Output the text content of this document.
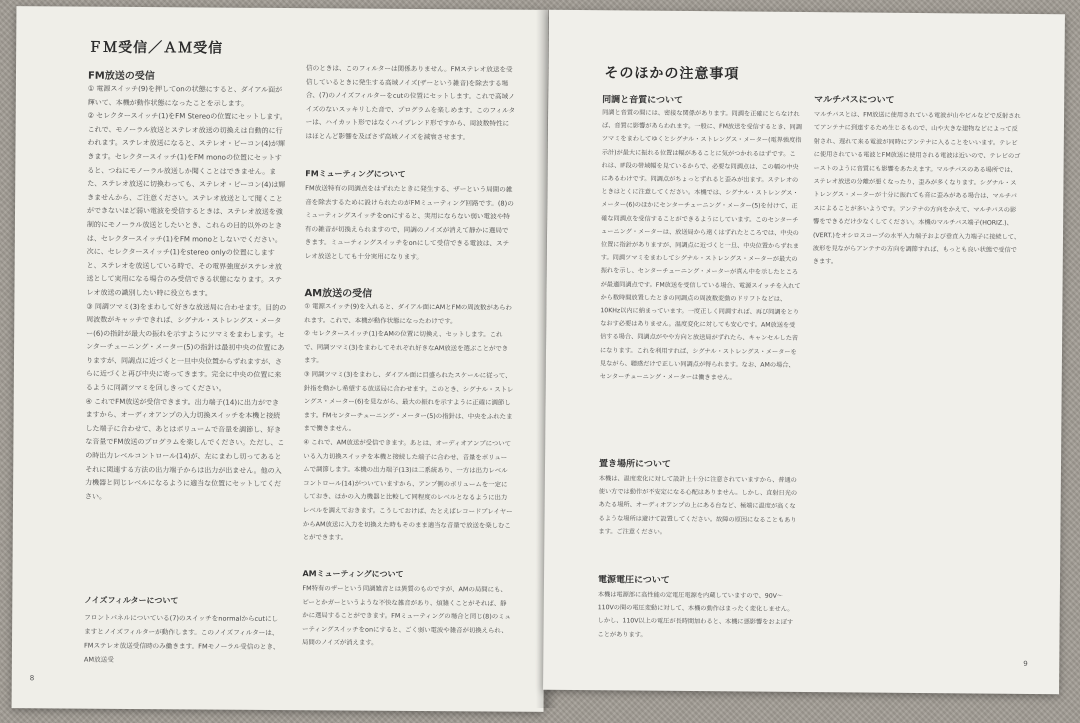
ＦＭ受信／ＡＭ受信
FM放送の受信

① 電源スイッチ(9)を押してonの状態にすると、ダイアル面が輝いて、本機が動作状態になったことを示します。

② セレクタースイッチ(1)をFM Stereoの位置にセットします。これで、モノーラル放送とステレオ放送の切換えは自動的に行われます。ステレオ放送になると、ステレオ・ビーコン(4)が輝きます。セレクタースイッチ(1)をFM monoの位置にセットすると、つねにモノーラル放送しか聞くことはできません。また、ステレオ放送に切換わっても、ステレオ・ビーコン(4)は輝きませんから、ご注意ください。ステレオ放送として聞くことができないほど弱い電波を受信するときは、ステレオ放送を強制的にモノーラル放送としたいとき、これらの目的以外のときは、セレクタースイッチ(1)をFM monoとしないでください。次に、セレクタースイッチ(1)をstereo onlyの位置にしますと、ステレオを放送している時で、その電界強度がステレオ放送として実用になる場合のみ受信できる状態になります。ステレオ放送の識別したい時に役立ちます。

③ 同調ツマミ(3)をまわして好きな放送局に合わせます。目的の周波数がキャッチできれば、シグナル・ストレングス・メーター(6)の指針が最大の振れを示すようにツマミをまわします。センターチューニング・メーター(5)の指針は最初中央の位置にありますが、同調点に近づくと一旦中央位置からずれますが、さらに近づくと再び中央に寄ってきます。完全に中央の位置に来るように同調ツマミを回しきってください。

④ これでFM放送が受信できます。出力端子(14)に出力ができますから、オーディオアンプの入力切換スイッチを本機と接続した端子に合わせて、あとはボリュームで音量を調節し、好きな音量でFM放送のプログラムを楽しんでください。ただし、この時出力レベルコントロール(14)が、左にまわし切ってあるとそれに関連する方法の出力端子からは出力が出ません。他の入力機器と同じレベルになるように適当な位置にセットしてください。

ノイズフィルターについて
フロントパネルについている(7)のスイッチをnormalからcutにしますとノイズフィルターが動作します。このノイズフィルターは、FMステレオ放送受信時のみ働きます。FMモノーラル受信のとき、AM放送受

信のときは、このフィルターは関係ありません。FMステレオ放送を受信しているときに発生する高域ノイズ(ザーという雑音)を除去する場合、(7)のノイズフィルターをcutの位置にセットします。これで高域ノイズのないスッキリした音で、プログラムを楽しめます。このフィルターは、ハイカット形ではなくハイブレンド形ですから、周波数特性にはほとんど影響を及ぼさず高域ノイズを減衰させます。

FMミューティングについて
FM放送特有の同調点をはずれたときに発生する、ザーという局間の雑音を除去するために設けられたのがFMミューティング回路です。(8)のミューティングスイッチをonにすると、実用にならない弱い電波や特有の雑音が切換えられますので、同調のノイズが消えて静かに選局できます。ミューティングスイッチをonにして受信できる電波は、ステレオ放送としても十分実用になります。
AM放送の受信

① 電源スイッチ(9)を入れると、ダイアル面にAMとFMの周波数があらわれます。これで、本機が動作状態になったわけです。

② セレクタースイッチ(1)をAMの位置に切換え、セットします。これで、同調ツマミ(3)をまわしてそれぞれ好きなAM放送を選ぶことができます。

③ 同調ツマミ(3)をまわし、ダイアル面に目盛られたスケールに従って、針指を動かし希望する放送局に合わせます。このとき、シグナル・ストレングス・メーター(6)を見ながら、最大の振れを示すように正確に調節します。FMセンターチューニング・メーター(5)の指針は、中央をふれたままで働きません。

④ これで、AM放送が受信できます。あとは、オーディオアンプについている入力切換スイッチを本機と接続した端子に合わせ、音量をボリュームで調節します。本機の出力端子(13)は二系統あり、一方は出力レベルコントロール(14)がついていますから、アンプ側のボリュームを一定にしておき、ほかの入力機器と比較して同程度のレベルとなるように出力レベルを調えておきます。こうしておけば、たとえばレコードプレイヤーからAM放送に入力を切換えた時もそのまま適当な音量で放送を楽しむことができます。

AMミューティングについて
FM特有のザーという同調雑音とは異質のものですが、AMの局間にも、ピーとかガーというような不快な雑音があり、煩雑くことがそれば、静かに選局することができます。FMミューティングの場合と同じ(8)のミューティングスイッチをonにすると、ごく弱い電波や雑音が切換えられ、局間のノイズが消えます。
8
そのほかの注意事項
同調と音質について
同調と音質の間には、密接な関係があります。同調を正確にとらなければ、音質に影響があらわれます。一般に、FM放送を受信するとき、同調ツマミをまわしてゆくとシグナル・ストレングス・メーター(電界強度指示計)が最大に振れる位置は幅があることに気がつかれるはずです。これは、IF段の帯域幅を見ているからで、必要な同調点は、この幅の中央にあるわけです。同調点がちょっとずれると歪みが出ます。ステレオのときはとくに注意してください。本機では、シグナル・ストレングス・メーター(6)のほかにセンターチューニング・メーター(5)を付けて、正確な同調点を受信することができるようにしています。このセンターチューニング・メーターは、放送局から遠くはずれたところでは、中央の位置に指針がありますが、同調点に近づくと一旦、中央位置からずれます。同調ツマミをまわしてシグナル・ストレングス・メーターが最大の振れを示し、センターチューニング・メーターが真ん中を示したところが最適同調点です。FM放送を受信している場合、電源スイッチを入れてから数時間放置したときの同調点の周波数変動のドリフトなどは、10KHz以内に納まっています。一度正しく同調すれば、再び同調をとりなおす必要はありません。温度変化に対しても安心です。AM放送を受信する場合、同調点がやや方向と放送局がずれたら、キャンセルした音になります。これを利用すれば、シグナル・ストレングス・メーターを見ながら、聴感だけで正しい同調点が得られます。なお、AMの場合、センターチューニング・メーターは働きません。
置き場所について
本機は、温度変化に対して設計上十分に注意されていますから、普通の使い方では動作が不安定になる心配はありません。しかし、直射日光のあたる場所、オーディオアンプの上にある台など、極端に温度が高くなるような場所は避けて設置してください。故障の原因になることもあります。ご注意ください。
電源電圧について
本機は電源部に高性能の定電圧電源を内蔵していますので、90V〜110Vの間の電圧変動に対して、本機の動作はまったく変化しません。しかし、110V以上の電圧が長時間加わると、本機に悪影響をおよぼすことがあります。
マルチパスについて
マルチパスとは、FM放送に使用されている電波が山やビルなどで反射されてアンテナに到達するため生じるもので、山や大きな建物などによって反射され、遅れて来る電波が同時にアンテナに入ることをいいます。テレビに使用されている電波とFM放送に使用される電波は近いので、テレビのゴーストのように音質にも影響をあたえます。マルチパスのある場所では、ステレオ放送の分離が悪くなったり、歪みが多くなります。シグナル・ストレングス・メーターが十分に振れても音に歪みがある場合は、マルチパスによることが多いようです。アンテナの方向をかえて、マルチパスの影響をできるだけ少なくしてください。本機のマルチパス端子(HORIZ.)、(VERT.)をオシロスコープの水平入力端子および垂直入力端子に接続して、波形を見ながらアンテナの方向を調節すれば、もっとも良い状態で受信できます。
9
